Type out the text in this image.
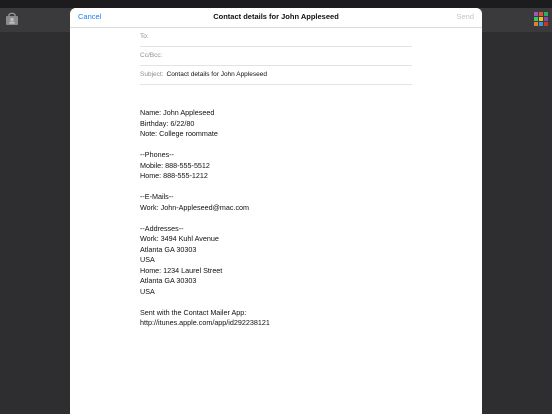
Cancel	Contact details for John Appleseed	Send
To:
Cc/Bcc:
Subject: Contact details for John Appleseed
Name: John Appleseed
Birthday: 6/22/80
Note: College roommate
--Phones--
Mobile: 888-555-5512
Home: 888-555-1212
--E-Mails--
Work: John-Appleseed@mac.com
--Addresses--
Work: 3494 Kuhl Avenue
Atlanta GA 30303
USA
Home: 1234 Laurel Street
Atlanta GA 30303
USA
Sent with the Contact Mailer App:
http://itunes.apple.com/app/id292238121
